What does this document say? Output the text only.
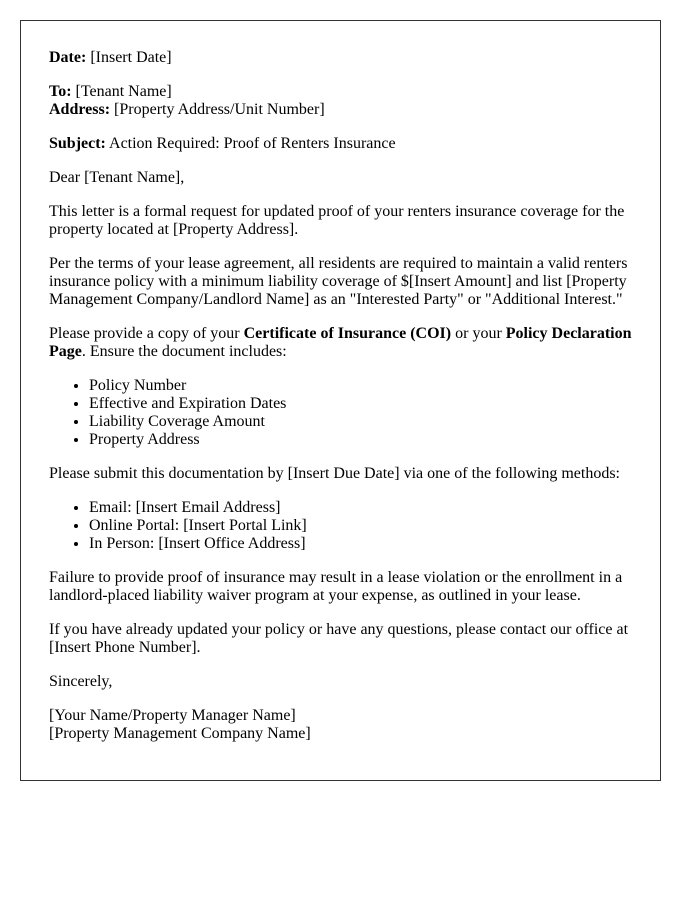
Date: [Insert Date]

To: [Tenant Name]
Address: [Property Address/Unit Number]

Subject: Action Required: Proof of Renters Insurance

Dear [Tenant Name],

This letter is a formal request for updated proof of your renters insurance coverage for the property located at [Property Address].

Per the terms of your lease agreement, all residents are required to maintain a valid renters insurance policy with a minimum liability coverage of $[Insert Amount] and list [Property Management Company/Landlord Name] as an "Interested Party" or "Additional Interest."

Please provide a copy of your Certificate of Insurance (COI) or your Policy Declaration Page. Ensure the document includes:

• Policy Number
• Effective and Expiration Dates
• Liability Coverage Amount
• Property Address

Please submit this documentation by [Insert Due Date] via one of the following methods:

• Email: [Insert Email Address]
• Online Portal: [Insert Portal Link]
• In Person: [Insert Office Address]

Failure to provide proof of insurance may result in a lease violation or the enrollment in a landlord-placed liability waiver program at your expense, as outlined in your lease.

If you have already updated your policy or have any questions, please contact our office at [Insert Phone Number].

Sincerely,

[Your Name/Property Manager Name]
[Property Management Company Name]
